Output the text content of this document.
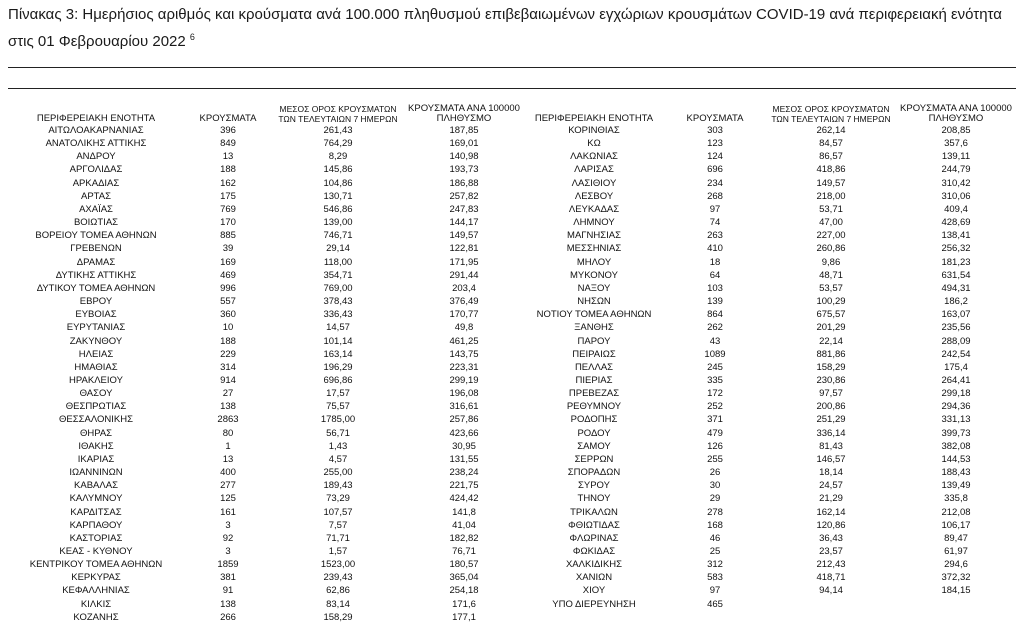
Πίνακας 3: Ημερήσιος αριθμός και κρούσματα ανά 100.000 πληθυσμού επιβεβαιωμένων εγχώριων κρουσμάτων COVID-19 ανά περιφερειακή ενότητα στις 01 Φεβρουαρίου 2022 $^6$
ΠΕΡΙΦΕΡΕΙΑΚΗ ΕΝΟΤΗΤΑ	ΚΡΟΥΣΜΑΤΑ	ΜΕΣΟΣ ΟΡΟΣ ΚΡΟΥΣΜΑΤΩΝ ΤΩΝ ΤΕΛΕΥΤΑΙΩΝ 7 ΗΜΕΡΩΝ	ΚΡΟΥΣΜΑΤΑ ΑΝΑ 100000 ΠΛΗΘΥΣΜΟ
ΑΙΤΩΛΟΑΚΑΡΝΑΝΙΑΣ	396	261,43	187,85
ΑΝΑΤΟΛΙΚΗΣ ΑΤΤΙΚΗΣ	849	764,29	169,01
ΑΝΔΡΟΥ	13	8,29	140,98
ΑΡΓΟΛΙΔΑΣ	188	145,86	193,73
ΑΡΚΑΔΙΑΣ	162	104,86	186,88
ΑΡΤΑΣ	175	130,71	257,82
ΑΧΑΪΑΣ	769	546,86	247,83
ΒΟΙΩΤΙΑΣ	170	139,00	144,17
ΒΟΡΕΙΟΥ ΤΟΜΕΑ ΑΘΗΝΩΝ	885	746,71	149,57
ΓΡΕΒΕΝΩΝ	39	29,14	122,81
ΔΡΑΜΑΣ	169	118,00	171,95
ΔΥΤΙΚΗΣ ΑΤΤΙΚΗΣ	469	354,71	291,44
ΔΥΤΙΚΟΥ ΤΟΜΕΑ ΑΘΗΝΩΝ	996	769,00	203,4
ΕΒΡΟΥ	557	378,43	376,49
ΕΥΒΟΙΑΣ	360	336,43	170,77
ΕΥΡΥΤΑΝΙΑΣ	10	14,57	49,8
ΖΑΚΥΝΘΟΥ	188	101,14	461,25
ΗΛΕΙΑΣ	229	163,14	143,75
ΗΜΑΘΙΑΣ	314	196,29	223,31
ΗΡΑΚΛΕΙΟΥ	914	696,86	299,19
ΘΑΣΟΥ	27	17,57	196,08
ΘΕΣΠΡΩΤΙΑΣ	138	75,57	316,61
ΘΕΣΣΑΛΟΝΙΚΗΣ	2863	1785,00	257,86
ΘΗΡΑΣ	80	56,71	423,66
ΙΘΑΚΗΣ	1	1,43	30,95
ΙΚΑΡΙΑΣ	13	4,57	131,55
ΙΩΑΝΝΙΝΩΝ	400	255,00	238,24
ΚΑΒΑΛΑΣ	277	189,43	221,75
ΚΑΛΥΜΝΟΥ	125	73,29	424,42
ΚΑΡΔΙΤΣΑΣ	161	107,57	141,8
ΚΑΡΠΑΘΟΥ	3	7,57	41,04
ΚΑΣΤΟΡΙΑΣ	92	71,71	182,82
ΚΕΑΣ - ΚΥΘΝΟΥ	3	1,57	76,71
ΚΕΝΤΡΙΚΟΥ ΤΟΜΕΑ ΑΘΗΝΩΝ	1859	1523,00	180,57
ΚΕΡΚΥΡΑΣ	381	239,43	365,04
ΚΕΦΑΛΛΗΝΙΑΣ	91	62,86	254,18
ΚΙΛΚΙΣ	138	83,14	171,6
ΚΟΖΑΝΗΣ	266	158,29	177,1
ΠΕΡΙΦΕΡΕΙΑΚΗ ΕΝΟΤΗΤΑ	ΚΡΟΥΣΜΑΤΑ	ΜΕΣΟΣ ΟΡΟΣ ΚΡΟΥΣΜΑΤΩΝ ΤΩΝ ΤΕΛΕΥΤΑΙΩΝ 7 ΗΜΕΡΩΝ	ΚΡΟΥΣΜΑΤΑ ΑΝΑ 100000 ΠΛΗΘΥΣΜΟ
ΚΟΡΙΝΘΙΑΣ	303	262,14	208,85
ΚΩ	123	84,57	357,6
ΛΑΚΩΝΙΑΣ	124	86,57	139,11
ΛΑΡΙΣΑΣ	696	418,86	244,79
ΛΑΣΙΘΙΟΥ	234	149,57	310,42
ΛΕΣΒΟΥ	268	218,00	310,06
ΛΕΥΚΑΔΑΣ	97	53,71	409,4
ΛΗΜΝΟΥ	74	47,00	428,69
ΜΑΓΝΗΣΙΑΣ	263	227,00	138,41
ΜΕΣΣΗΝΙΑΣ	410	260,86	256,32
ΜΗΛΟΥ	18	9,86	181,23
ΜΥΚΟΝΟΥ	64	48,71	631,54
ΝΑΞΟΥ	103	53,57	494,31
ΝΗΣΩΝ	139	100,29	186,2
ΝΟΤΙΟΥ ΤΟΜΕΑ ΑΘΗΝΩΝ	864	675,57	163,07
ΞΑΝΘΗΣ	262	201,29	235,56
ΠΑΡΟΥ	43	22,14	288,09
ΠΕΙΡΑΙΩΣ	1089	881,86	242,54
ΠΕΛΛΑΣ	245	158,29	175,4
ΠΙΕΡΙΑΣ	335	230,86	264,41
ΠΡΕΒΕΖΑΣ	172	97,57	299,18
ΡΕΘΥΜΝΟΥ	252	200,86	294,36
ΡΟΔΟΠΗΣ	371	251,29	331,13
ΡΟΔΟΥ	479	336,14	399,73
ΣΑΜΟΥ	126	81,43	382,08
ΣΕΡΡΩΝ	255	146,57	144,53
ΣΠΟΡΑΔΩΝ	26	18,14	188,43
ΣΥΡΟΥ	30	24,57	139,49
ΤΗΝΟΥ	29	21,29	335,8
ΤΡΙΚΑΛΩΝ	278	162,14	212,08
ΦΘΙΩΤΙΔΑΣ	168	120,86	106,17
ΦΛΩΡΙΝΑΣ	46	36,43	89,47
ΦΩΚΙΔΑΣ	25	23,57	61,97
ΧΑΛΚΙΔΙΚΗΣ	312	212,43	294,6
ΧΑΝΙΩΝ	583	418,71	372,32
ΧΙΟΥ	97	94,14	184,15
ΥΠΟ ΔΙΕΡΕΥΝΗΣΗ	465		
